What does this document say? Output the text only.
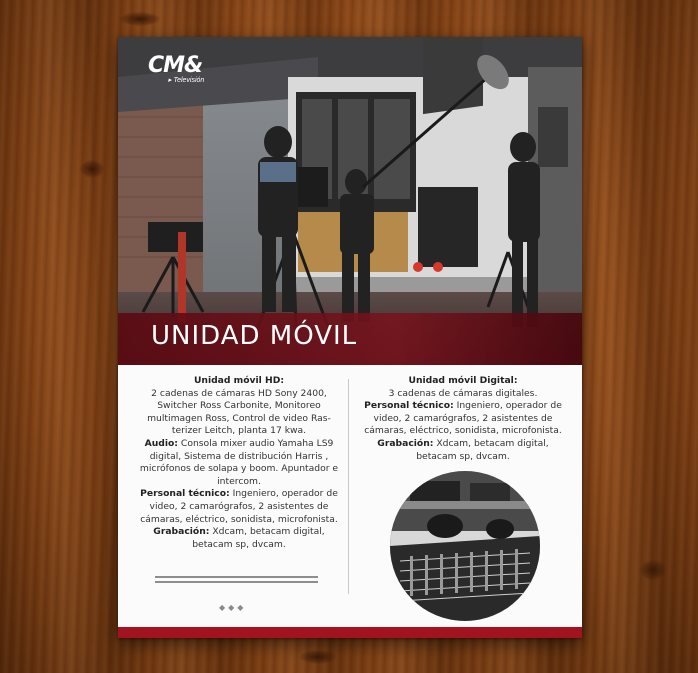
UNIDAD MÓVIL
CM&
▸ Televisión
Unidad móvil HD:
2 cadenas de cámaras HD Sony 2400, Switcher Ross Carbonite, Monitoreo multimagen Ross, Control de video Ras-terizer Leitch, planta 17 kwa.
Audio: Consola mixer audio Yamaha LS9 digital, Sistema de distribución Harris , micrófonos de solapa y boom. Apuntador e intercom.
Personal técnico: Ingeniero, operador de video, 2 camarógrafos, 2 asistentes de cámaras, eléctrico, sonidista, microfonista.
Grabación: Xdcam, betacam digital, betacam sp, dvcam.
Unidad móvil Digital:
3 cadenas de cámaras digitales.
Personal técnico: Ingeniero, operador de video, 2 camarógrafos, 2 asistentes de cámaras, eléctrico, sonidista, microfonista.
Grabación: Xdcam, betacam digital, betacam sp, dvcam.
◆◆◆
